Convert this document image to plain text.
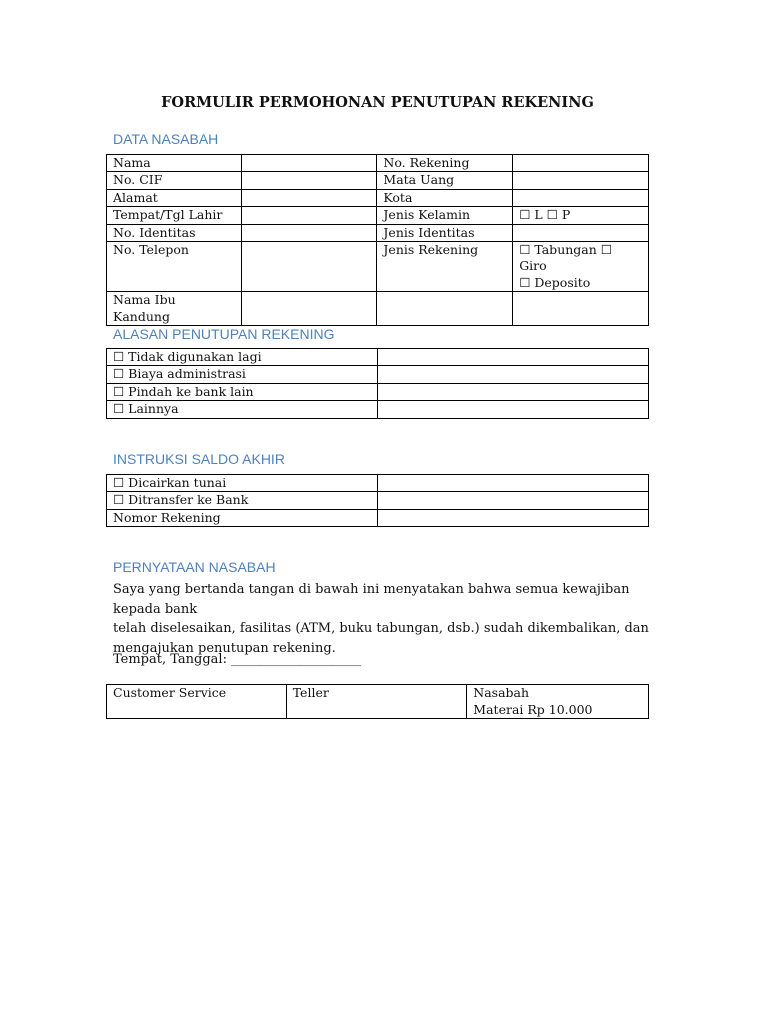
FORMULIR PERMOHONAN PENUTUPAN REKENING
DATA NASABAH
Nama		No. Rekening	
No. CIF		Mata Uang	
Alamat		Kota	
Tempat/Tgl Lahir		Jenis Kelamin	☐ L ☐ P
No. Identitas		Jenis Identitas	
No. Telepon		Jenis Rekening	☐ Tabungan ☐ Giro
☐ Deposito

Nama Ibu Kandung			
ALASAN PENUTUPAN REKENING
☐ Tidak digunakan lagi	
☐ Biaya administrasi	
☐ Pindah ke bank lain	
☐ Lainnya	
INSTRUKSI SALDO AKHIR
☐ Dicairkan tunai	
☐ Ditransfer ke Bank	
Nomor Rekening	
PERNYATAAN NASABAH
Saya yang bertanda tangan di bawah ini menyatakan bahwa semua kewajiban kepada bank
telah diselesaikan, fasilitas (ATM, buku tabungan, dsb.) sudah dikembalikan, dan
mengajukan penutupan rekening.
Tempat, Tanggal: ____________________
Customer Service	Teller	Nasabah
Materai Rp 10.000
